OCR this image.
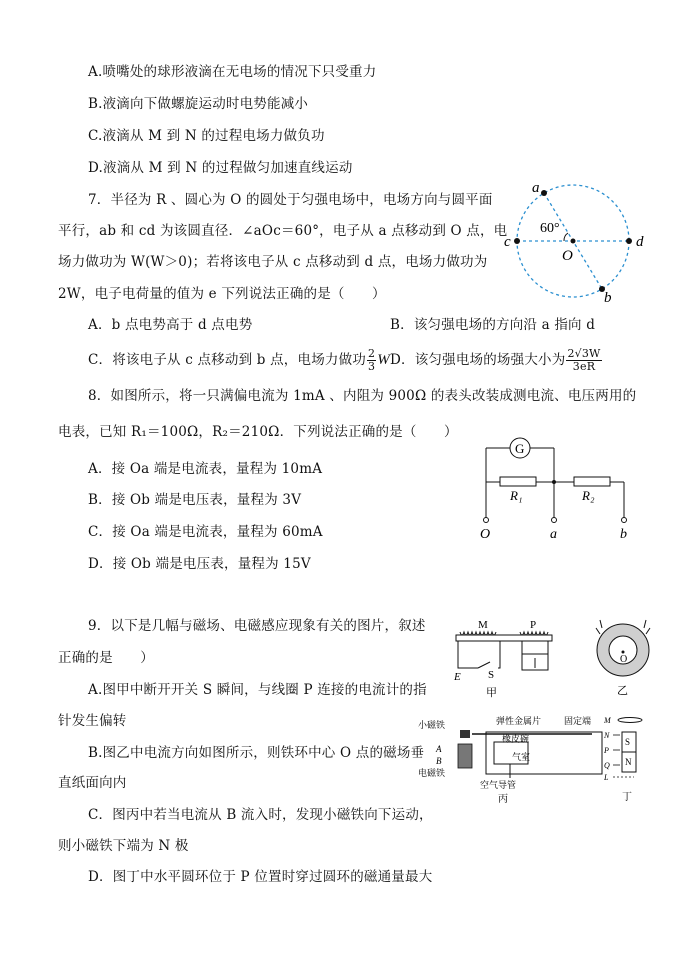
A.喷嘴处的球形液滴在无电场的情况下只受重力
B.液滴向下做螺旋运动时电势能减小
C.液滴从 M 到 N 的过程电场力做负功
D.液滴从 M 到 N 的过程做匀加速直线运动
7．半径为 R 、圆心为 O 的圆处于匀强电场中，电场方向与圆平面
平行，ab 和 cd 为该圆直径．∠aOc＝60°，电子从 a 点移动到 O 点，电
场力做功为 W(W＞0)；若将该电子从 c 点移动到 d 点，电场力做功为
2W，电子电荷量的值为 e 下列说法正确的是（　　）
A．b 点电势高于 d 点电势	B．该匀强电场的方向沿 a 指向 d
C．将该电子从 c 点移动到 b 点，电场力做功 $\frac{2}{3}$ W D．该匀强电场的场强大小为 $\frac{2√3W}{3eR}$
a
b
c	d
O
60°
8．如图所示，将一只满偏电流为 1mA 、内阻为 900Ω 的表头改装成测电流、电压两用的
电表，已知 R₁＝100Ω，R₂＝210Ω．下列说法正确的是（　　）
A．接 Oa 端是电流表，量程为 10mA
B．接 Ob 端是电压表，量程为 3V
C．接 Oa 端是电流表，量程为 60mA
D．接 Ob 端是电压表，量程为 15V
G
R₁	R₂
O	a	b
9．以下是几幅与磁场、电磁感应现象有关的图片，叙述
正确的是　　）
A.图甲中断开开关 S 瞬间，与线圈 P 连接的电流计的指
针发生偏转
B.图乙中电流方向如图所示，则铁环中心 O 点的磁场垂
直纸面向内
C．图丙中若当电流从 B 流入时，发现小磁铁向下运动，
则小磁铁下端为 N 极
D．图丁中水平圆环位于 P 位置时穿过圆环的磁通量最大
M	P
E S
甲
O
乙
小磁铁	弹性金属片	固定端
橡皮碗
气室
A
B
电磁铁
空气导管
丙
M
N
P
Q
L
S
N
丁
